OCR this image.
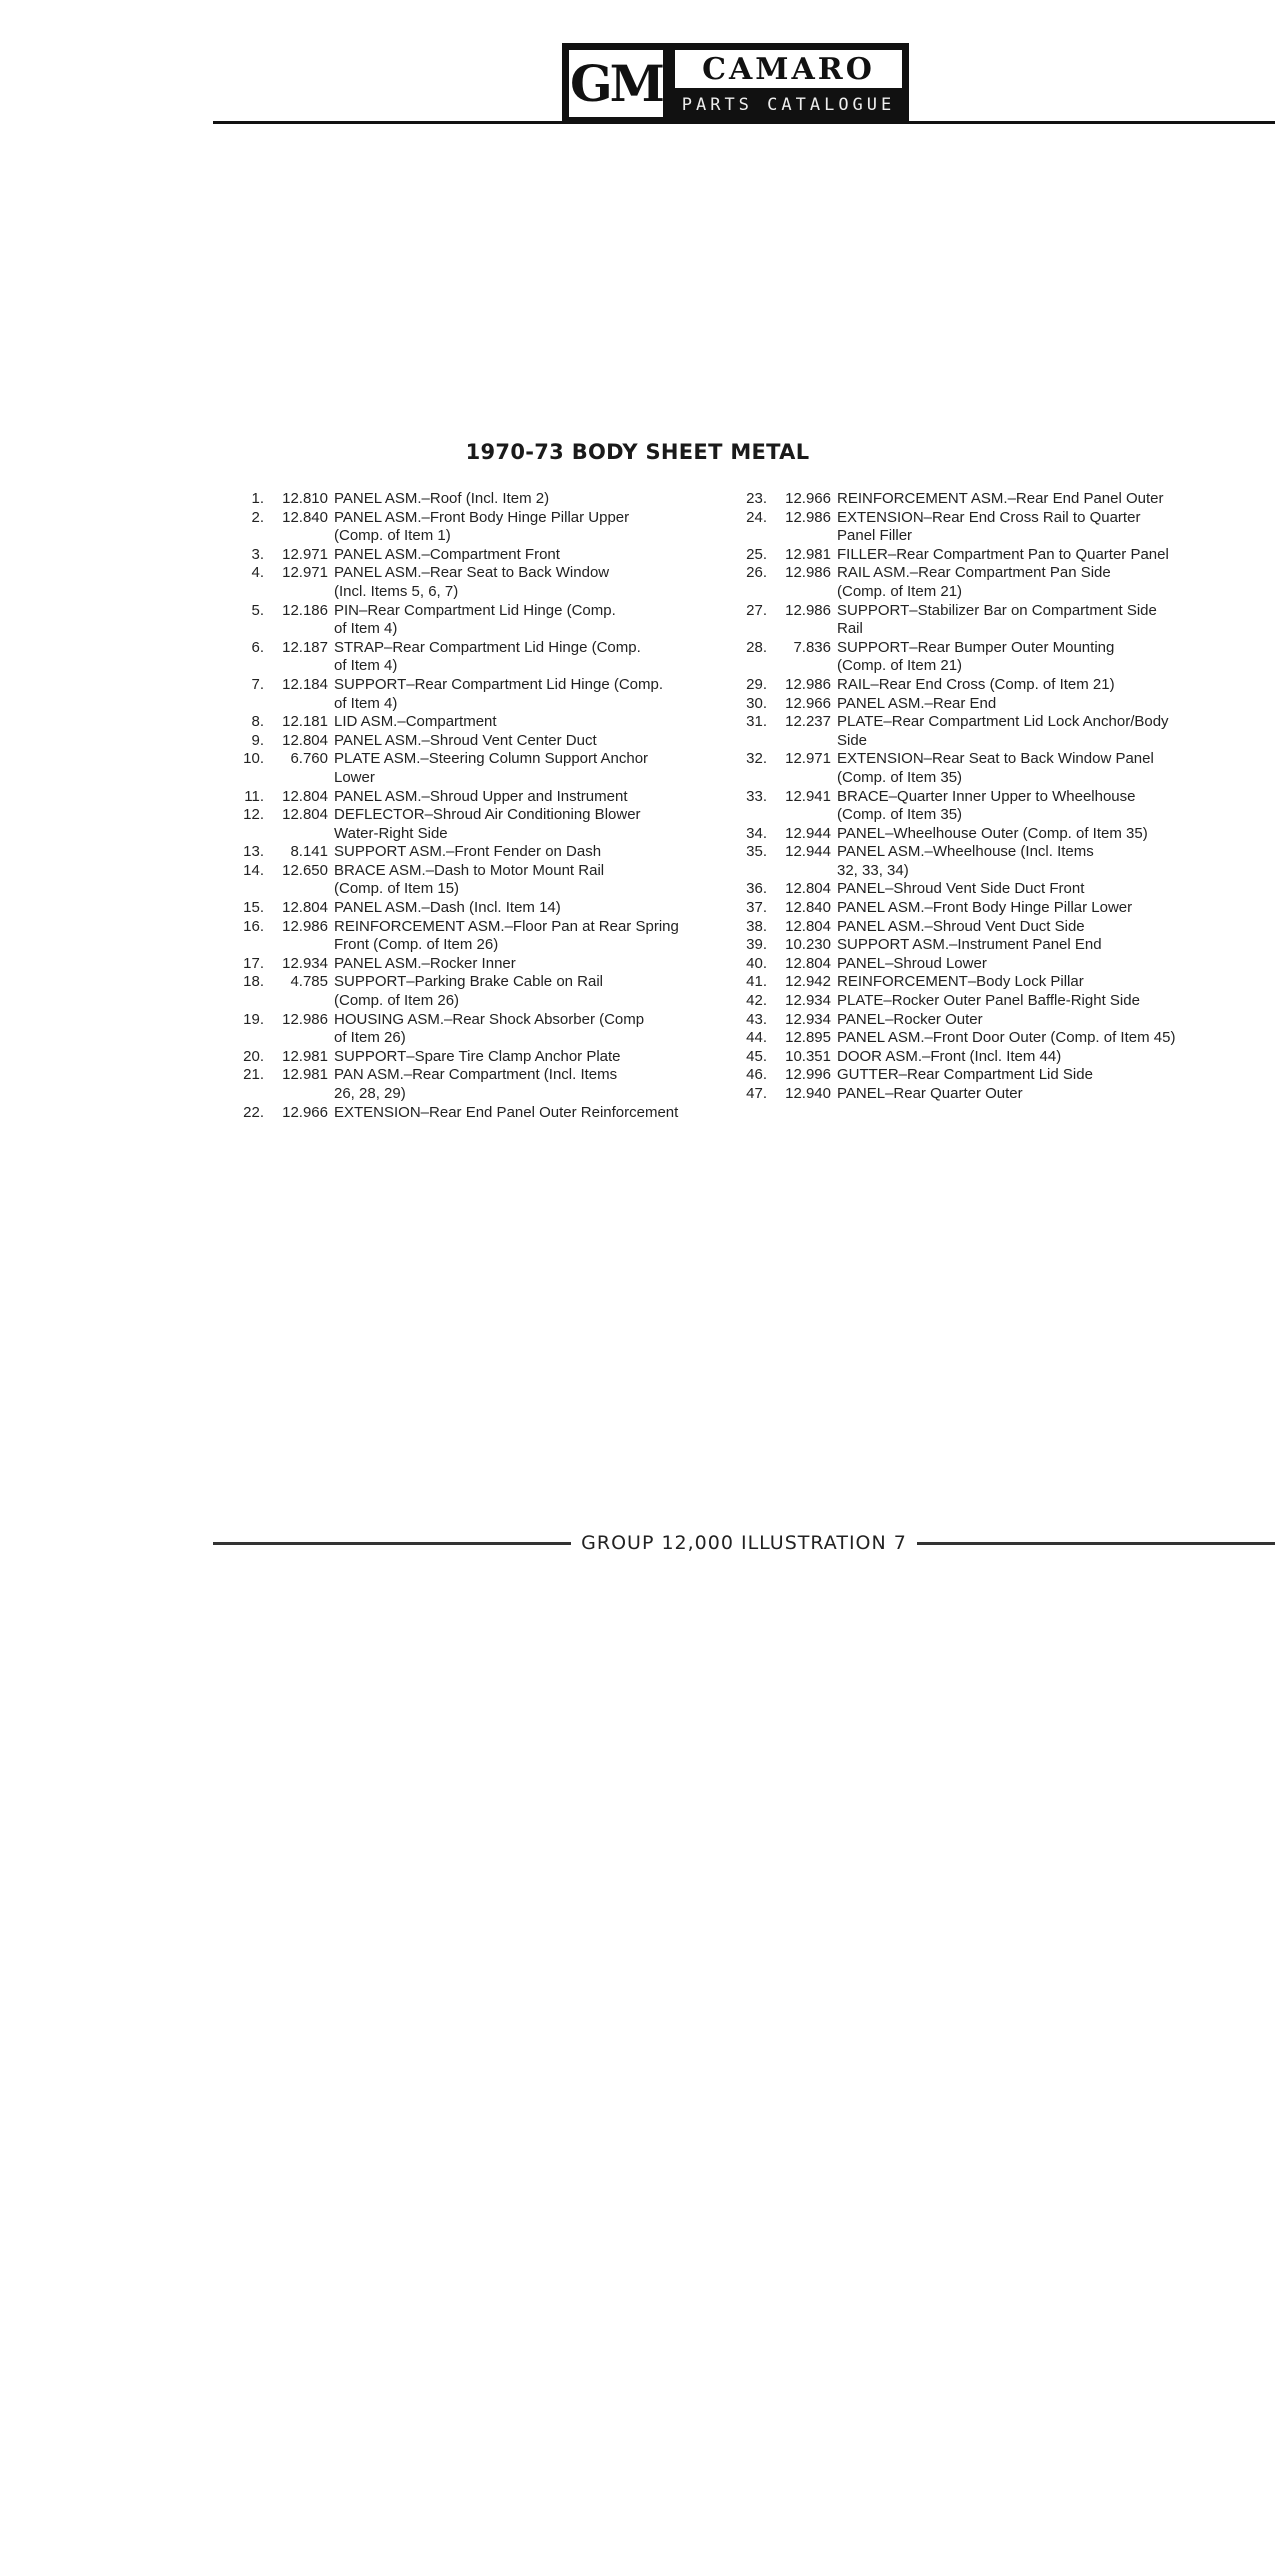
GM	CAMARO
PARTS CATALOGUE
1970-73 BODY SHEET METAL
1.	12.810 PANEL ASM.–Roof (Incl. Item 2)
2.	12.840 PANEL ASM.–Front Body Hinge Pillar Upper
(Comp. of Item 1)
3.	12.971 PANEL ASM.–Compartment Front
4.	12.971 PANEL ASM.–Rear Seat to Back Window
(Incl. Items 5, 6, 7)
5.	12.186 PIN–Rear Compartment Lid Hinge (Comp.
of Item 4)
6.	12.187 STRAP–Rear Compartment Lid Hinge (Comp.
of Item 4)
7.	12.184 SUPPORT–Rear Compartment Lid Hinge (Comp.
of Item 4)
8.	12.181 LID ASM.–Compartment
9.	12.804 PANEL ASM.–Shroud Vent Center Duct
10.	6.760 PLATE ASM.–Steering Column Support Anchor
Lower
11.	12.804 PANEL ASM.–Shroud Upper and Instrument
12.	12.804 DEFLECTOR–Shroud Air Conditioning Blower
Water-Right Side
13.	8.141 SUPPORT ASM.–Front Fender on Dash
14.	12.650 BRACE ASM.–Dash to Motor Mount Rail
(Comp. of Item 15)
15.	12.804 PANEL ASM.–Dash (Incl. Item 14)
16.	12.986 REINFORCEMENT ASM.–Floor Pan at Rear Spring
Front (Comp. of Item 26)
17.	12.934 PANEL ASM.–Rocker Inner
18.	4.785 SUPPORT–Parking Brake Cable on Rail
(Comp. of Item 26)
19.	12.986 HOUSING ASM.–Rear Shock Absorber (Comp
of Item 26)
20.	12.981 SUPPORT–Spare Tire Clamp Anchor Plate
21.	12.981 PAN ASM.–Rear Compartment (Incl. Items
26, 28, 29)
22.	12.966 EXTENSION–Rear End Panel Outer Reinforcement
23.	12.966 REINFORCEMENT ASM.–Rear End Panel Outer
24.	12.986 EXTENSION–Rear End Cross Rail to Quarter
Panel Filler
25.	12.981 FILLER–Rear Compartment Pan to Quarter Panel
26.	12.986 RAIL ASM.–Rear Compartment Pan Side
(Comp. of Item 21)
27.	12.986 SUPPORT–Stabilizer Bar on Compartment Side
Rail
28.	7.836 SUPPORT–Rear Bumper Outer Mounting
(Comp. of Item 21)
29.	12.986 RAIL–Rear End Cross (Comp. of Item 21)
30.	12.966 PANEL ASM.–Rear End
31.	12.237 PLATE–Rear Compartment Lid Lock Anchor/Body
Side
32.	12.971 EXTENSION–Rear Seat to Back Window Panel
(Comp. of Item 35)
33.	12.941 BRACE–Quarter Inner Upper to Wheelhouse
(Comp. of Item 35)
34.	12.944 PANEL–Wheelhouse Outer (Comp. of Item 35)
35.	12.944 PANEL ASM.–Wheelhouse (Incl. Items
32, 33, 34)
36.	12.804 PANEL–Shroud Vent Side Duct Front
37.	12.840 PANEL ASM.–Front Body Hinge Pillar Lower
38.	12.804 PANEL ASM.–Shroud Vent Duct Side
39.	10.230 SUPPORT ASM.–Instrument Panel End
40.	12.804 PANEL–Shroud Lower
41.	12.942 REINFORCEMENT–Body Lock Pillar
42.	12.934 PLATE–Rocker Outer Panel Baffle-Right Side
43.	12.934 PANEL–Rocker Outer
44.	12.895 PANEL ASM.–Front Door Outer (Comp. of Item 45)
45.	10.351 DOOR ASM.–Front (Incl. Item 44)
46.	12.996 GUTTER–Rear Compartment Lid Side
47.	12.940 PANEL–Rear Quarter Outer
GROUP 12,000 ILLUSTRATION 7
